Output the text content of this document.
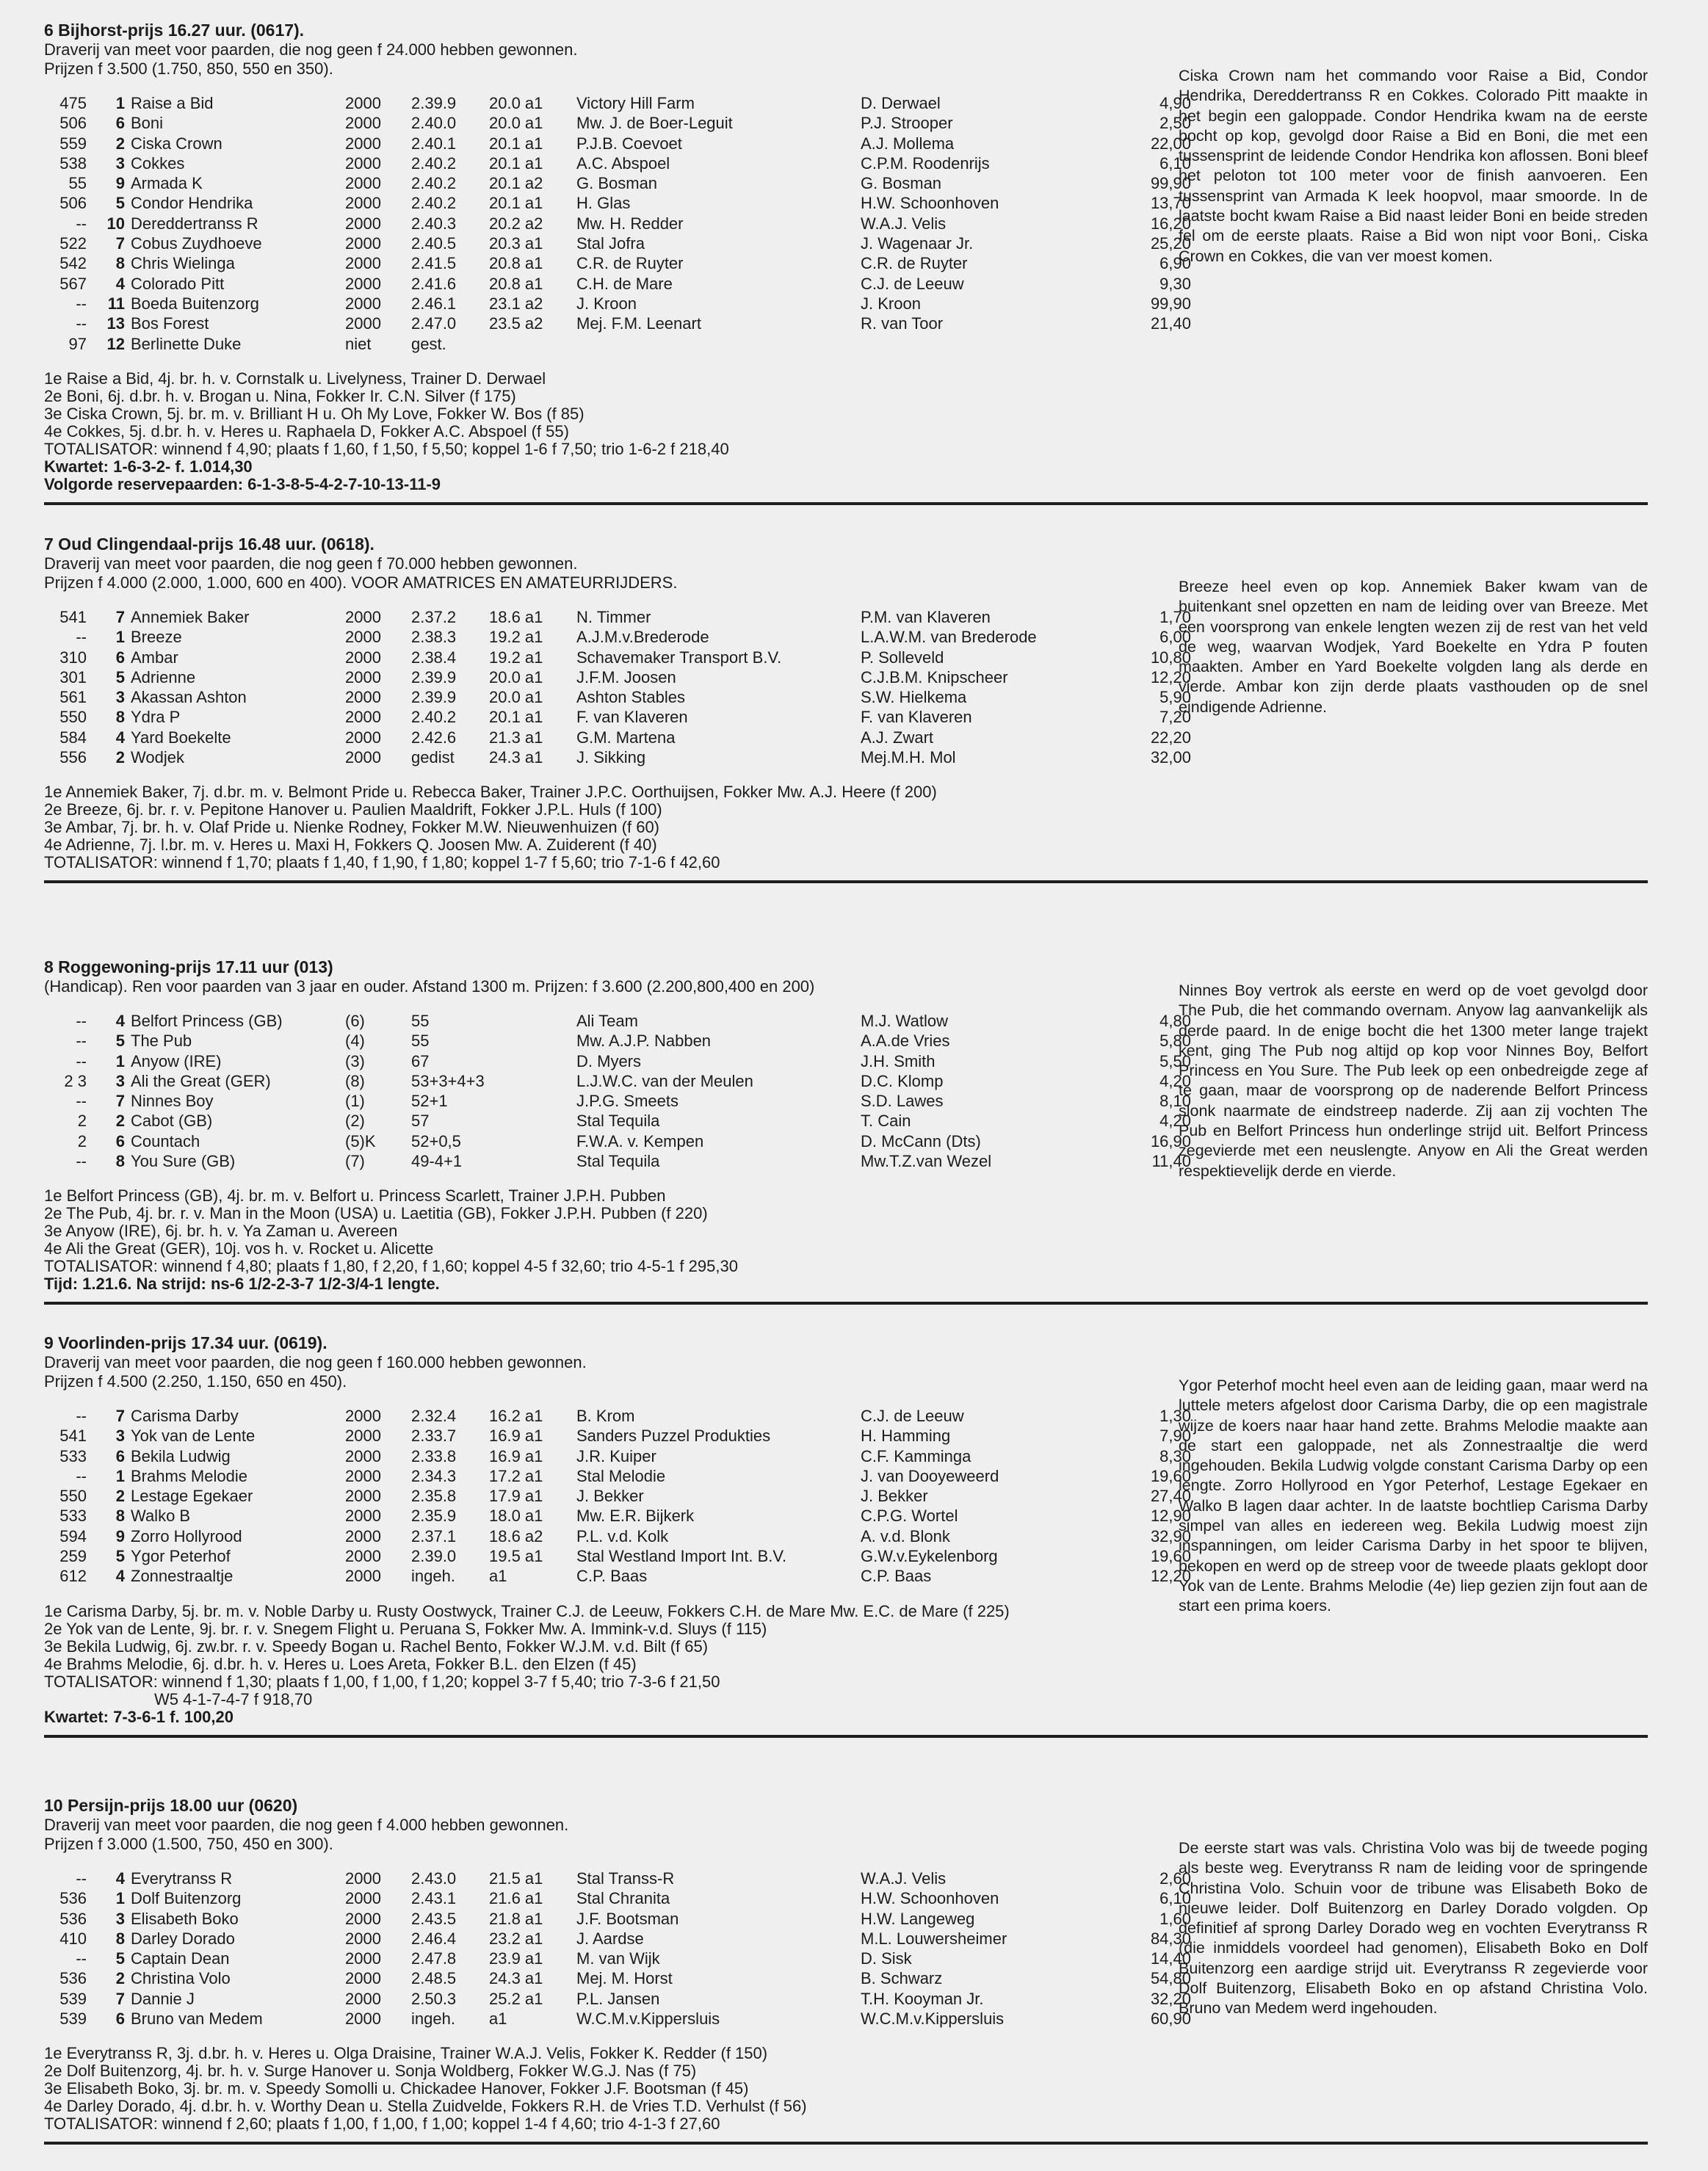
6 Bijhorst-prijs 16.27 uur. (0617).
Draverij van meet voor paarden, die nog geen f 24.000 hebben gewonnen.
Prijzen f 3.500 (1.750, 850, 550 en 350).
475	1 Raise a Bid	2000 2.39.9 20.0 a1 Victory Hill Farm	D. Derwael	4,90
506	6 Boni	2000 2.40.0 20.0 a1 Mw. J. de Boer-Leguit	P.J. Strooper	2,50
559	2 Ciska Crown	2000 2.40.1 20.1 a1 P.J.B. Coevoet	A.J. Mollema	22,00
538	3 Cokkes	2000 2.40.2 20.1 a1 A.C. Abspoel	C.P.M. Roodenrijs	6,10
55	9 Armada K	2000 2.40.2 20.1 a2 G. Bosman	G. Bosman	99,90
506	5 Condor Hendrika	2000 2.40.2 20.1 a1 H. Glas	H.W. Schoonhoven	13,70
--	10 Dereddertranss R	2000 2.40.3 20.2 a2 Mw. H. Redder	W.A.J. Velis	16,20
522	7 Cobus Zuydhoeve	2000 2.40.5 20.3 a1 Stal Jofra	J. Wagenaar Jr.	25,20
542	8 Chris Wielinga	2000 2.41.5 20.8 a1 C.R. de Ruyter	C.R. de Ruyter	6,90
567	4 Colorado Pitt	2000 2.41.6 20.8 a1 C.H. de Mare	C.J. de Leeuw	9,30
--	11 Boeda Buitenzorg	2000 2.46.1 23.1 a2 J. Kroon	J. Kroon	99,90
--	13 Bos Forest	2000 2.47.0 23.5 a2 Mej. F.M. Leenart	R. van Toor	21,40
97	12 Berlinette Duke	niet gest.
Ciska Crown nam het commando voor Raise a Bid, Condor Hendrika, Dereddertranss R en Cokkes. Colorado Pitt maakte in het begin een galoppade. Condor Hendrika kwam na de eerste bocht op kop, gevolgd door Raise a Bid en Boni, die met een tussensprint de leidende Condor Hendrika kon aflossen. Boni bleef het peloton tot 100 meter voor de finish aanvoeren. Een tussensprint van Armada K leek hoopvol, maar smoorde. In de laatste bocht kwam Raise a Bid naast leider Boni en beide streden fel om de eerste plaats. Raise a Bid won nipt voor Boni,. Ciska Crown en Cokkes, die van ver moest komen.
1e Raise a Bid, 4j. br. h. v. Cornstalk u. Livelyness, Trainer D. Derwael
2e Boni, 6j. d.br. h. v. Brogan u. Nina, Fokker Ir. C.N. Silver (f 175)
3e Ciska Crown, 5j. br. m. v. Brilliant H u. Oh My Love, Fokker W. Bos (f 85)
4e Cokkes, 5j. d.br. h. v. Heres u. Raphaela D, Fokker A.C. Abspoel (f 55)
TOTALISATOR: winnend f 4,90; plaats f 1,60, f 1,50, f 5,50; koppel 1-6 f 7,50; trio 1-6-2 f 218,40
Kwartet: 1-6-3-2- f. 1.014,30
Volgorde reservepaarden: 6-1-3-8-5-4-2-7-10-13-11-9
7 Oud Clingendaal-prijs 16.48 uur. (0618).
Draverij van meet voor paarden, die nog geen f 70.000 hebben gewonnen.
Prijzen f 4.000 (2.000, 1.000, 600 en 400). VOOR AMATRICES EN AMATEURRIJDERS.
541	7 Annemiek Baker	2000 2.37.2 18.6 a1 N. Timmer	P.M. van Klaveren	1,70
--	1 Breeze	2000 2.38.3 19.2 a1 A.J.M.v.Brederode	L.A.W.M. van Brederode	6,00
310	6 Ambar	2000 2.38.4 19.2 a1 Schavemaker Transport B.V.	P. Solleveld	10,80
301	5 Adrienne	2000 2.39.9 20.0 a1 J.F.M. Joosen	C.J.B.M. Knipscheer	12,20
561	3 Akassan Ashton	2000 2.39.9 20.0 a1 Ashton Stables	S.W. Hielkema	5,90
550	8 Ydra P	2000 2.40.2 20.1 a1 F. van Klaveren	F. van Klaveren	7,20
584	4 Yard Boekelte	2000 2.42.6 21.3 a1 G.M. Martena	A.J. Zwart	22,20
556	2 Wodjek	2000 gedist 24.3 a1 J. Sikking	Mej.M.H. Mol	32,00
Breeze heel even op kop. Annemiek Baker kwam van de buitenkant snel opzetten en nam de leiding over van Breeze. Met een voorsprong van enkele lengten wezen zij de rest van het veld de weg, waarvan Wodjek, Yard Boekelte en Ydra P fouten maakten. Amber en Yard Boekelte volgden lang als derde en vierde. Ambar kon zijn derde plaats vasthouden op de snel eindigende Adrienne.
1e Annemiek Baker, 7j. d.br. m. v. Belmont Pride u. Rebecca Baker, Trainer J.P.C. Oorthuijsen, Fokker Mw. A.J. Heere (f 200)
2e Breeze, 6j. br. r. v. Pepitone Hanover u. Paulien Maaldrift, Fokker J.P.L. Huls (f 100)
3e Ambar, 7j. br. h. v. Olaf Pride u. Nienke Rodney, Fokker M.W. Nieuwenhuizen (f 60)
4e Adrienne, 7j. l.br. m. v. Heres u. Maxi H, Fokkers Q. Joosen Mw. A. Zuiderent (f 40)
TOTALISATOR: winnend f 1,70; plaats f 1,40, f 1,90, f 1,80; koppel 1-7 f 5,60; trio 7-1-6 f 42,60
8 Roggewoning-prijs 17.11 uur (013)
(Handicap). Ren voor paarden van 3 jaar en ouder. Afstand 1300 m. Prijzen: f 3.600 (2.200,800,400 en 200)
--	4 Belfort Princess (GB)	(6)	55	Ali Team	M.J. Watlow	4,80
--	5 The Pub	(4)	55	Mw. A.J.P. Nabben	A.A.de Vries	5,80
--	1 Anyow (IRE)	(3)	67	D. Myers	J.H. Smith	5,50
2 3	3 Ali the Great (GER)	(8)	53+3+4+3	L.J.W.C. van der Meulen	D.C. Klomp	4,20
--	7 Ninnes Boy	(1)	52+1	J.P.G. Smeets	S.D. Lawes	8,10
2	2 Cabot (GB)	(2)	57	Stal Tequila	T. Cain	4,20
2	6 Countach	(5)K 52+0,5	F.W.A. v. Kempen	D. McCann (Dts)	16,90
--	8 You Sure (GB)	(7)	49-4+1	Stal Tequila	Mw.T.Z.van Wezel	11,40
Ninnes Boy vertrok als eerste en werd op de voet gevolgd door The Pub, die het commando overnam. Anyow lag aanvankelijk als derde paard. In de enige bocht die het 1300 meter lange trajekt kent, ging The Pub nog altijd op kop voor Ninnes Boy, Belfort Princess en You Sure. The Pub leek op een onbedreigde zege af te gaan, maar de voorsprong op de naderende Belfort Princess slonk naarmate de eindstreep naderde. Zij aan zij vochten The Pub en Belfort Princess hun onderlinge strijd uit. Belfort Princess zegevierde met een neuslengte. Anyow en Ali the Great werden respektievelijk derde en vierde.
1e Belfort Princess (GB), 4j. br. m. v. Belfort u. Princess Scarlett, Trainer J.P.H. Pubben
2e The Pub, 4j. br. r. v. Man in the Moon (USA) u. Laetitia (GB), Fokker J.P.H. Pubben (f 220)
3e Anyow (IRE), 6j. br. h. v. Ya Zaman u. Avereen
4e Ali the Great (GER), 10j. vos h. v. Rocket u. Alicette
TOTALISATOR: winnend f 4,80; plaats f 1,80, f 2,20, f 1,60; koppel 4-5 f 32,60; trio 4-5-1 f 295,30
Tijd: 1.21.6. Na strijd: ns-6 1/2-2-3-7 1/2-3/4-1 lengte.
9 Voorlinden-prijs 17.34 uur. (0619).
Draverij van meet voor paarden, die nog geen f 160.000 hebben gewonnen.
Prijzen f 4.500 (2.250, 1.150, 650 en 450).
--	7 Carisma Darby	2000 2.32.4 16.2 a1 B. Krom	C.J. de Leeuw	1,30
541	3 Yok van de Lente	2000 2.33.7 16.9 a1 Sanders Puzzel Produkties	H. Hamming	7,90
533	6 Bekila Ludwig	2000 2.33.8 16.9 a1 J.R. Kuiper	C.F. Kamminga	8,30
--	1 Brahms Melodie	2000 2.34.3 17.2 a1 Stal Melodie	J. van Dooyeweerd	19,60
550	2 Lestage Egekaer	2000 2.35.8 17.9 a1 J. Bekker	J. Bekker	27,40
533	8 Walko B	2000 2.35.9 18.0 a1 Mw. E.R. Bijkerk	C.P.G. Wortel	12,90
594	9 Zorro Hollyrood	2000 2.37.1 18.6 a2 P.L. v.d. Kolk	A. v.d. Blonk	32,90
259	5 Ygor Peterhof	2000 2.39.0 19.5 a1 Stal Westland Import Int. B.V.	G.W.v.Eykelenborg	19,60
612	4 Zonnestraaltje	2000 ingeh. a1	C.P. Baas	C.P. Baas	12,20
Ygor Peterhof mocht heel even aan de leiding gaan, maar werd na luttele meters afgelost door Carisma Darby, die op een magistrale wijze de koers naar haar hand zette. Brahms Melodie maakte aan de start een galoppade, net als Zonnestraaltje die werd ingehouden. Bekila Ludwig volgde constant Carisma Darby op een lengte. Zorro Hollyrood en Ygor Peterhof, Lestage Egekaer en Walko B lagen daar achter. In de laatste bochtliep Carisma Darby simpel van alles en iedereen weg. Bekila Ludwig moest zijn inspanningen, om leider Carisma Darby in het spoor te blijven, bekopen en werd op de streep voor de tweede plaats geklopt door Yok van de Lente. Brahms Melodie (4e) liep gezien zijn fout aan de start een prima koers.
1e Carisma Darby, 5j. br. m. v. Noble Darby u. Rusty Oostwyck, Trainer C.J. de Leeuw, Fokkers C.H. de Mare Mw. E.C. de Mare (f 225)
2e Yok van de Lente, 9j. br. r. v. Snegem Flight u. Peruana S, Fokker Mw. A. Immink-v.d. Sluys (f 115)
3e Bekila Ludwig, 6j. zw.br. r. v. Speedy Bogan u. Rachel Bento, Fokker W.J.M. v.d. Bilt (f 65)
4e Brahms Melodie, 6j. d.br. h. v. Heres u. Loes Areta, Fokker B.L. den Elzen (f 45)
TOTALISATOR: winnend f 1,30; plaats f 1,00, f 1,00, f 1,20; koppel 3-7 f 5,40; trio 7-3-6 f 21,50
W5 4-1-7-4-7 f 918,70
Kwartet: 7-3-6-1 f. 100,20
10 Persijn-prijs 18.00 uur (0620)
Draverij van meet voor paarden, die nog geen f 4.000 hebben gewonnen.
Prijzen f 3.000 (1.500, 750, 450 en 300).
--	4 Everytranss R	2000 2.43.0 21.5 a1 Stal Transs-R	W.A.J. Velis	2,60
536	1 Dolf Buitenzorg	2000 2.43.1 21.6 a1 Stal Chranita	H.W. Schoonhoven	6,10
536	3 Elisabeth Boko	2000 2.43.5 21.8 a1 J.F. Bootsman	H.W. Langeweg	1,60
410	8 Darley Dorado	2000 2.46.4 23.2 a1 J. Aardse	M.L. Louwersheimer	84,30
--	5 Captain Dean	2000 2.47.8 23.9 a1 M. van Wijk	D. Sisk	14,40
536	2 Christina Volo	2000 2.48.5 24.3 a1 Mej. M. Horst	B. Schwarz	54,80
539	7 Dannie J	2000 2.50.3 25.2 a1 P.L. Jansen	T.H. Kooyman Jr.	32,20
539	6 Bruno van Medem	2000 ingeh. a1	W.C.M.v.Kippersluis	W.C.M.v.Kippersluis	60,90
De eerste start was vals. Christina Volo was bij de tweede poging als beste weg. Everytranss R nam de leiding voor de springende Christina Volo. Schuin voor de tribune was Elisabeth Boko de nieuwe leider. Dolf Buitenzorg en Darley Dorado volgden. Op definitief af sprong Darley Dorado weg en vochten Everytranss R (die inmiddels voordeel had genomen), Elisabeth Boko en Dolf Buitenzorg een aardige strijd uit. Everytranss R zegevierde voor Dolf Buitenzorg, Elisabeth Boko en op afstand Christina Volo. Bruno van Medem werd ingehouden.
1e Everytranss R, 3j. d.br. h. v. Heres u. Olga Draisine, Trainer W.A.J. Velis, Fokker K. Redder (f 150)
2e Dolf Buitenzorg, 4j. br. h. v. Surge Hanover u. Sonja Woldberg, Fokker W.G.J. Nas (f 75)
3e Elisabeth Boko, 3j. br. m. v. Speedy Somolli u. Chickadee Hanover, Fokker J.F. Bootsman (f 45)
4e Darley Dorado, 4j. d.br. h. v. Worthy Dean u. Stella Zuidvelde, Fokkers R.H. de Vries T.D. Verhulst (f 56)
TOTALISATOR: winnend f 2,60; plaats f 1,00, f 1,00, f 1,00; koppel 1-4 f 4,60; trio 4-1-3 f 27,60
